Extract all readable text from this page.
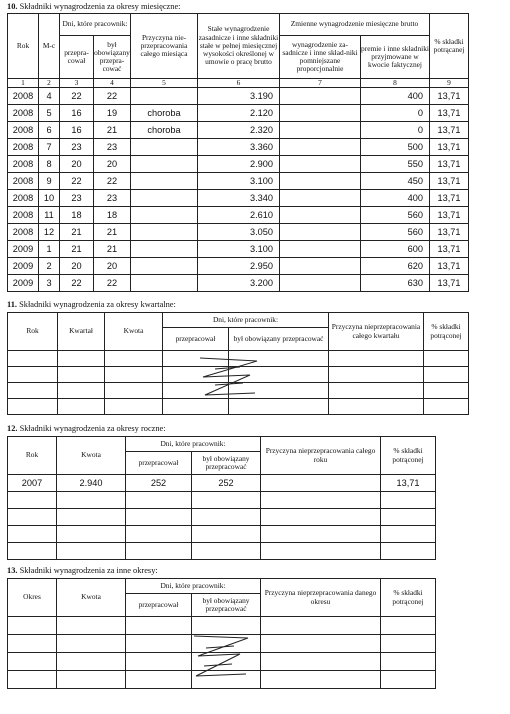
10. Składniki wynagrodzenia za okresy miesięczne:
Rok	M-c	Dni, które pracownik:		Przyczyna nie-przepracowania całego miesiąca	Stałe wynagrodzenie zasadnicze i inne składniki stałe w pełnej miesięcznej wysokości określonej w umowie o pracę brutto	Zmienne wynagrodzenie miesięczne brutto		% składki potrącanej
		przepra-cował	był obowiązany przepra-cować			wynagrodzenie za-sadnicze i inne skład-niki pomniejszane proporcjonalnie	premie i inne składniki przyjmowane w kwocie faktycznej	
1	2	3	4	5	6	7	8	9
2008	4	22	22		3.190		400	13,71
2008	5	16	19	choroba	2.120		0	13,71
2008	6	16	21	choroba	2.320		0	13,71
2008	7	23	23		3.360		500	13,71
2008	8	20	20		2.900		550	13,71
2008	9	22	22		3.100		450	13,71
2008	10	23	23		3.340		400	13,71
2008	11	18	18		2.610		560	13,71
2008	12	21	21		3.050		560	13,71
2009	1	21	21		3.100		600	13,71
2009	2	20	20		2.950		620	13,71
2009	3	22	22		3.200		630	13,71
11. Składniki wynagrodzenia za okresy kwartalne:
Rok	Kwartał	Kwota	Dni, które pracownik:		Przyczyna nieprzepracowania całego kwartału	% składki potrąconej
			przepracował	był obowiązany przepracować		

12. Składniki wynagrodzenia za okresy roczne:
Rok	Kwota	Dni, które pracownik:		Przyczyna nieprzepracowania całego roku	% składki potrąconej
		przepracował	był obowiązany przepracować		
2007	2.940	252	252		13,71

13. Składniki wynagrodzenia za inne okresy:
Okres	Kwota	Dni, które pracownik:		Przyczyna nieprzepracowania danego okresu	% składki potrąconej
		przepracował	był obowiązany przepracować		
